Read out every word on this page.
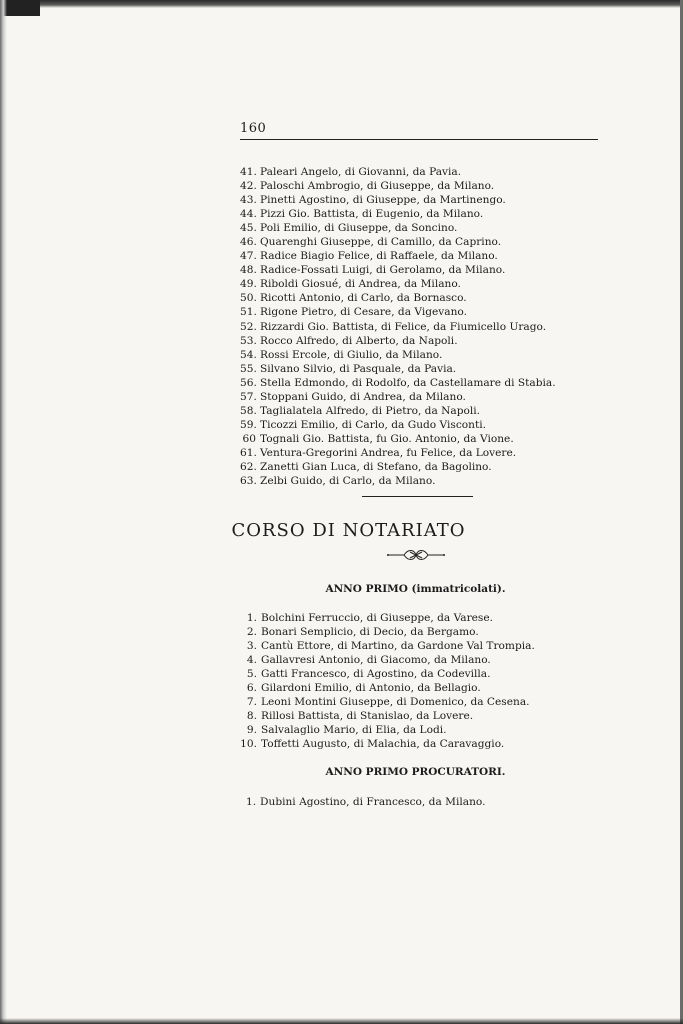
160
41. Paleari Angelo, di Giovanni, da Pavia.
42. Paloschi Ambrogio, di Giuseppe, da Milano.
43. Pinetti Agostino, di Giuseppe, da Martinengo.
44. Pizzi Gio. Battista, di Eugenio, da Milano.
45. Poli Emilio, di Giuseppe, da Soncino.
46. Quarenghi Giuseppe, di Camillo, da Caprino.
47. Radice Biagio Felice, di Raffaele, da Milano.
48. Radice-Fossati Luigi, di Gerolamo, da Milano.
49. Riboldi Giosué, di Andrea, da Milano.
50. Ricotti Antonio, di Carlo, da Bornasco.
51. Rigone Pietro, di Cesare, da Vigevano.
52. Rizzardi Gio. Battista, di Felice, da Fiumicello Urago.
53. Rocco Alfredo, di Alberto, da Napoli.
54. Rossi Ercole, di Giulio, da Milano.
55. Silvano Silvio, di Pasquale, da Pavia.
56. Stella Edmondo, di Rodolfo, da Castellamare di Stabia.
57. Stoppani Guido, di Andrea, da Milano.
58. Taglialatela Alfredo, di Pietro, da Napoli.
59. Ticozzi Emilio, di Carlo, da Gudo Visconti.
60 Tognali Gio. Battista, fu Gio. Antonio, da Vione.
61. Ventura-Gregorini Andrea, fu Felice, da Lovere.
62. Zanetti Gian Luca, di Stefano, da Bagolino.
63. Zelbi Guido, di Carlo, da Milano.
CORSO DI NOTARIATO
ANNO PRIMO (immatricolati).
1. Bolchini Ferruccio, di Giuseppe, da Varese.
2. Bonari Semplicio, di Decio, da Bergamo.
3. Cantù Ettore, di Martino, da Gardone Val Trompia.
4. Gallavresi Antonio, di Giacomo, da Milano.
5. Gatti Francesco, di Agostino, da Codevilla.
6. Gilardoni Emilio, di Antonio, da Bellagio.
7. Leoni Montini Giuseppe, di Domenico, da Cesena.
8. Rillosi Battista, di Stanislao, da Lovere.
9. Salvalaglio Mario, di Elia, da Lodi.
10. Toffetti Augusto, di Malachia, da Caravaggio.
ANNO PRIMO PROCURATORI.
1. Dubini Agostino, di Francesco, da Milano.
